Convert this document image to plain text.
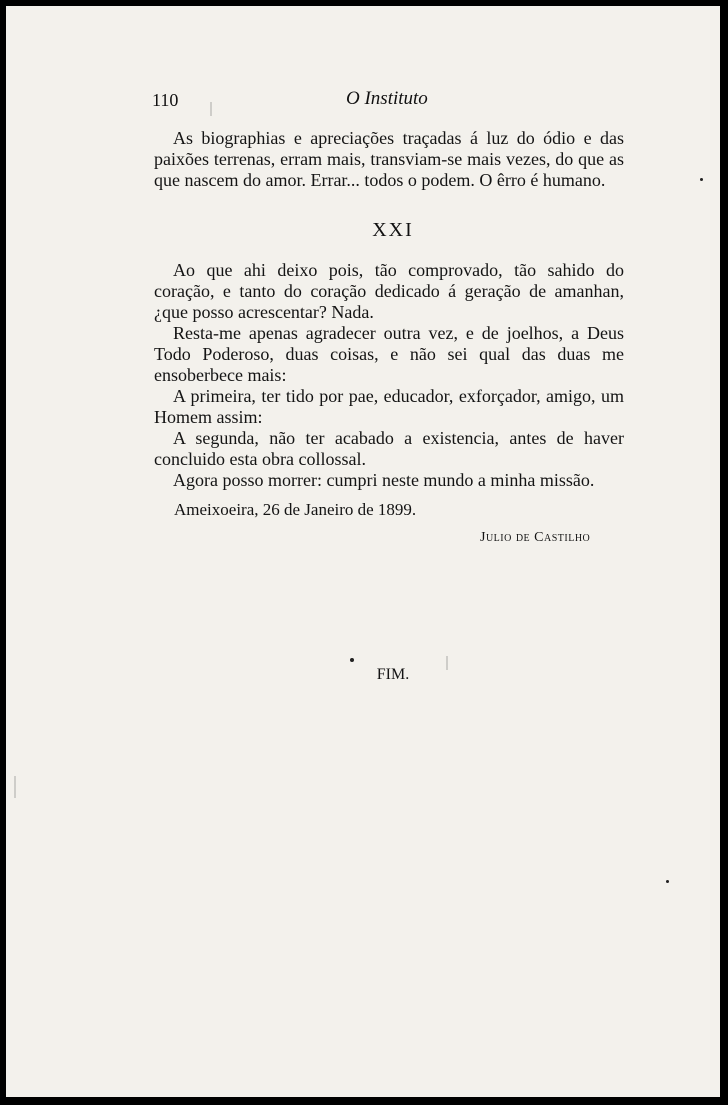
110	O Instituto

As biographias e apreciações traçadas á luz do ódio e das paixões terrenas, erram mais, transviam-se mais vezes, do que as que nascem do amor. Errar... todos o podem. O êrro é humano.

XXI

Ao que ahi deixo pois, tão comprovado, tão sahido do coração, e tanto do coração dedicado á geração de amanhan, ¿que posso acrescentar? Nada.

Resta-me apenas agradecer outra vez, e de joelhos, a Deus Todo Poderoso, duas coisas, e não sei qual das duas me ensoberbece mais:

A primeira, ter tido por pae, educador, exforçador, amigo, um Homem assim:

A segunda, não ter acabado a existencia, antes de haver concluido esta obra collossal.

Agora posso morrer: cumpri neste mundo a minha missão.

Ameixoeira, 26 de Janeiro de 1899.
Julio de Castilho
FIM.
